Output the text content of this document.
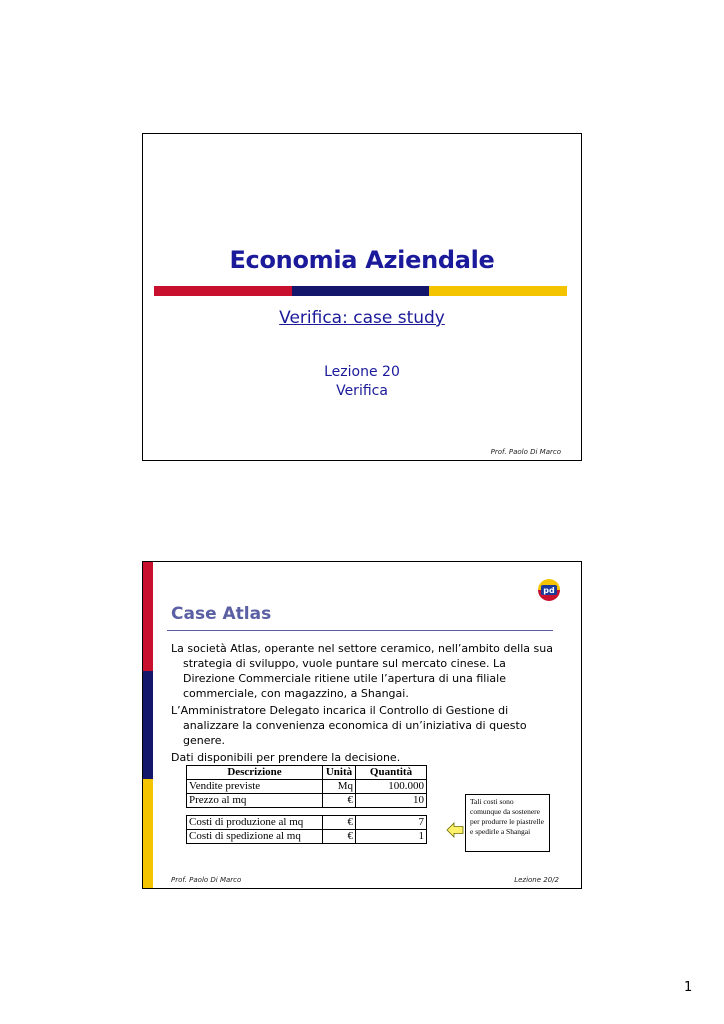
Economia Aziendale
Verifica: case study
Lezione 20
Verifica
Prof. Paolo Di Marco
pd
Case Atlas

La società Atlas, operante nel settore ceramico, nell’ambito della sua strategia di sviluppo, vuole puntare sul mercato cinese. La Direzione Commerciale ritiene utile l’apertura di una filiale commerciale, con magazzino, a Shangai.

L’Amministratore Delegato incarica il Controllo di Gestione di analizzare la convenienza economica di un’iniziativa di questo genere.

Dati disponibili per prendere la decisione.

Descrizione	Unità	Quantità
Vendite previste	Mq	100.000
Prezzo al mq	€	10

Costi di produzione al mq	€	7
Costi di spedizione al mq	€	1
Tali costi sono comunque da sostenere per produrre le piastrelle e spedirle a Shangai
Prof. Paolo Di Marco	Lezione 20/2
1
